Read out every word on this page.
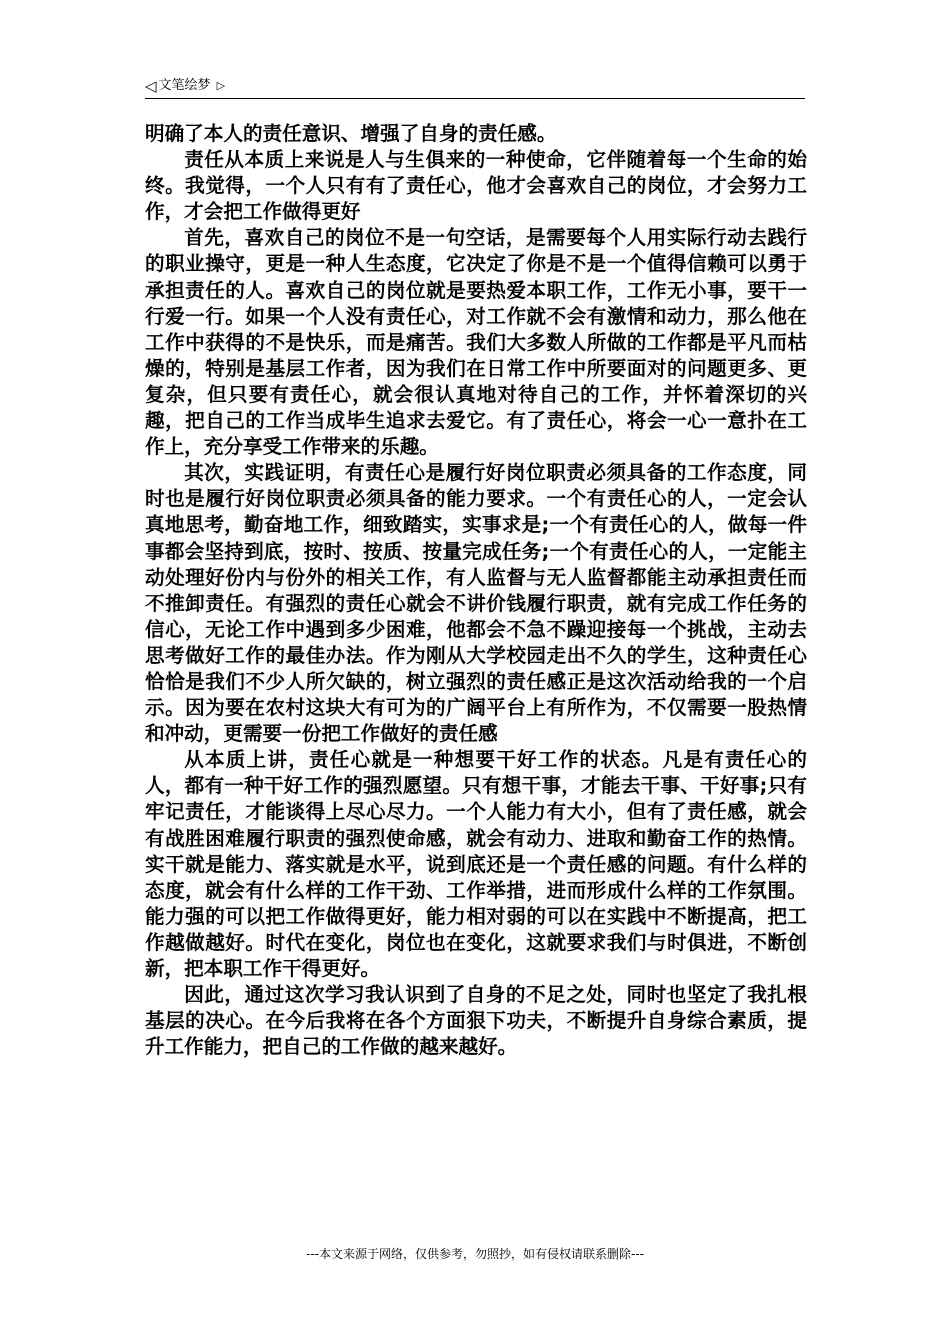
◁ 文笔绘梦 ▷

明确了本人的责任意识、增强了自身的责任感。

责任从本质上来说是人与生俱来的一种使命，它伴随着每一个生命的始终。我觉得，一个人只有有了责任心，他才会喜欢自己的岗位，才会努力工作，才会把工作做得更好

首先，喜欢自己的岗位不是一句空话，是需要每个人用实际行动去践行的职业操守，更是一种人生态度，它决定了你是不是一个值得信赖可以勇于承担责任的人。喜欢自己的岗位就是要热爱本职工作，工作无小事，要干一行爱一行。如果一个人没有责任心，对工作就不会有激情和动力，那么他在工作中获得的不是快乐，而是痛苦。我们大多数人所做的工作都是平凡而枯燥的，特别是基层工作者，因为我们在日常工作中所要面对的问题更多、更复杂，但只要有责任心，就会很认真地对待自己的工作，并怀着深切的兴趣，把自己的工作当成毕生追求去爱它。有了责任心，将会一心一意扑在工作上，充分享受工作带来的乐趣。

其次，实践证明，有责任心是履行好岗位职责必须具备的工作态度，同时也是履行好岗位职责必须具备的能力要求。一个有责任心的人，一定会认真地思考，勤奋地工作，细致踏实，实事求是;一个有责任心的人，做每一件事都会坚持到底，按时、按质、按量完成任务;一个有责任心的人，一定能主动处理好份内与份外的相关工作，有人监督与无人监督都能主动承担责任而不推卸责任。有强烈的责任心就会不讲价钱履行职责，就有完成工作任务的信心，无论工作中遇到多少困难，他都会不急不躁迎接每一个挑战，主动去思考做好工作的最佳办法。作为刚从大学校园走出不久的学生，这种责任心恰恰是我们不少人所欠缺的，树立强烈的责任感正是这次活动给我的一个启示。因为要在农村这块大有可为的广阔平台上有所作为，不仅需要一股热情和冲动，更需要一份把工作做好的责任感

从本质上讲，责任心就是一种想要干好工作的状态。凡是有责任心的人，都有一种干好工作的强烈愿望。只有想干事，才能去干事、干好事;只有牢记责任，才能谈得上尽心尽力。一个人能力有大小，但有了责任感，就会有战胜困难履行职责的强烈使命感，就会有动力、进取和勤奋工作的热情。实干就是能力、落实就是水平，说到底还是一个责任感的问题。有什么样的态度，就会有什么样的工作干劲、工作举措，进而形成什么样的工作氛围。能力强的可以把工作做得更好，能力相对弱的可以在实践中不断提高，把工作越做越好。时代在变化，岗位也在变化，这就要求我们与时俱进，不断创新，把本职工作干得更好。

因此，通过这次学习我认识到了自身的不足之处，同时也坚定了我扎根基层的决心。在今后我将在各个方面狠下功夫，不断提升自身综合素质，提升工作能力，把自己的工作做的越来越好。

---本文来源于网络，仅供参考，勿照抄，如有侵权请联系删除---
